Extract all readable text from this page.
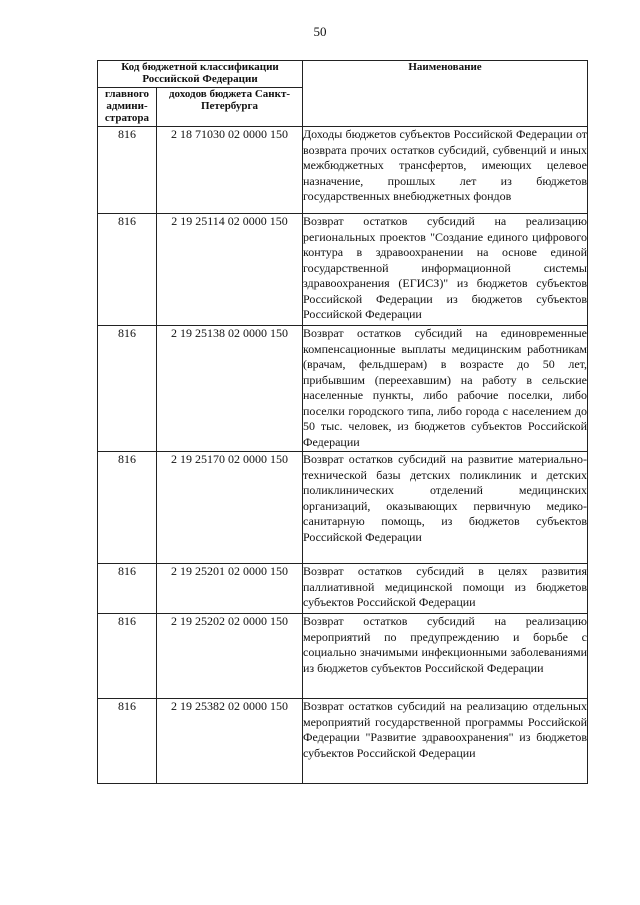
50
Код бюджетной классификации Российской Федерации		Наименование
главного админи-стратора	доходов бюджета Санкт-Петербурга	
816	2 18 71030 02 0000 150	Доходы бюджетов субъектов Российской Федерации от возврата прочих остатков субсидий, субвенций и иных межбюджетных трансфертов, имеющих целевое назначение, прошлых лет из бюджетов государственных внебюджетных фондов
816	2 19 25114 02 0000 150	Возврат остатков субсидий на реализацию региональных проектов "Создание единого цифрового контура в здравоохранении на основе единой государственной информационной системы здравоохранения (ЕГИСЗ)" из бюджетов субъектов Российской Федерации из бюджетов субъектов Российской Федерации
816	2 19 25138 02 0000 150	Возврат остатков субсидий на единовременные компенсационные выплаты медицинским работникам (врачам, фельдшерам) в возрасте до 50 лет, прибывшим (переехавшим) на работу в сельские населенные пункты, либо рабочие поселки, либо поселки городского типа, либо города с населением до 50 тыс. человек, из бюджетов субъектов Российской Федерации
816	2 19 25170 02 0000 150	Возврат остатков субсидий на развитие материально-технической базы детских поликлиник и детских поликлинических отделений медицинских организаций, оказывающих первичную медико-санитарную помощь, из бюджетов субъектов Российской Федерации
816	2 19 25201 02 0000 150	Возврат остатков субсидий в целях развития паллиативной медицинской помощи из бюджетов субъектов Российской Федерации
816	2 19 25202 02 0000 150	Возврат остатков субсидий на реализацию мероприятий по предупреждению и борьбе с социально значимыми инфекционными заболеваниями из бюджетов субъектов Российской Федерации
816	2 19 25382 02 0000 150	Возврат остатков субсидий на реализацию отдельных мероприятий государственной программы Российской Федерации "Развитие здравоохранения" из бюджетов субъектов Российской Федерации
